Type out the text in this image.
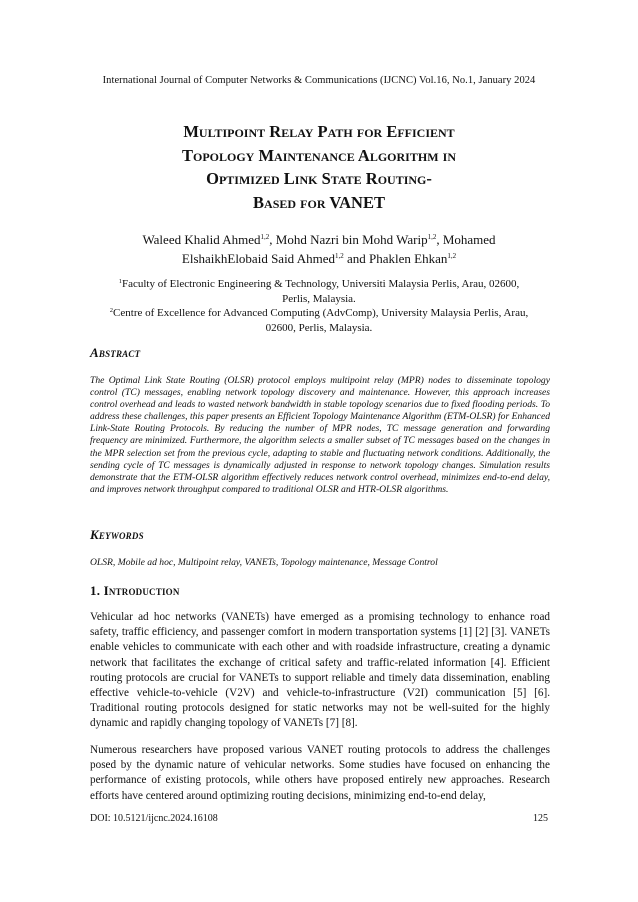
International Journal of Computer Networks & Communications (IJCNC) Vol.16, No.1, January 2024
Multipoint Relay Path for Efficient
Topology Maintenance Algorithm in
Optimized Link State Routing-
Based for VANET
Waleed Khalid Ahmed$^{1,2}$, Mohd Nazri bin Mohd Warip$^{1,2}$, Mohamed
ElshaikhElobaid Said Ahmed$^{1,2}$ and Phaklen Ehkan$^{1,2}$
$^1$Faculty of Electronic Engineering & Technology, Universiti Malaysia Perlis, Arau, 02600,
Perlis, Malaysia.
$^2$Centre of Excellence for Advanced Computing (AdvComp), University Malaysia Perlis, Arau,
02600, Perlis, Malaysia.
Abstract
The Optimal Link State Routing (OLSR) protocol employs multipoint relay (MPR) nodes to disseminate topology control (TC) messages, enabling network topology discovery and maintenance. However, this approach increases control overhead and leads to wasted network bandwidth in stable topology scenarios due to fixed flooding periods. To address these challenges, this paper presents an Efficient Topology Maintenance Algorithm (ETM-OLSR) for Enhanced Link-State Routing Protocols. By reducing the number of MPR nodes, TC message generation and forwarding frequency are minimized. Furthermore, the algorithm selects a smaller subset of TC messages based on the changes in the MPR selection set from the previous cycle, adapting to stable and fluctuating network conditions. Additionally, the sending cycle of TC messages is dynamically adjusted in response to network topology changes. Simulation results demonstrate that the ETM-OLSR algorithm effectively reduces network control overhead, minimizes end-to-end delay, and improves network throughput compared to traditional OLSR and HTR-OLSR algorithms.
Keywords
OLSR, Mobile ad hoc, Multipoint relay, VANETs, Topology maintenance, Message Control
1. Introduction
Vehicular ad hoc networks (VANETs) have emerged as a promising technology to enhance road safety, traffic efficiency, and passenger comfort in modern transportation systems [1] [2] [3]. VANETs enable vehicles to communicate with each other and with roadside infrastructure, creating a dynamic network that facilitates the exchange of critical safety and traffic-related information [4]. Efficient routing protocols are crucial for VANETs to support reliable and timely data dissemination, enabling effective vehicle-to-vehicle (V2V) and vehicle-to-infrastructure (V2I) communication [5] [6]. Traditional routing protocols designed for static networks may not be well-suited for the highly dynamic and rapidly changing topology of VANETs [7] [8].
Numerous researchers have proposed various VANET routing protocols to address the challenges posed by the dynamic nature of vehicular networks. Some studies have focused on enhancing the performance of existing protocols, while others have proposed entirely new approaches. Research efforts have centered around optimizing routing decisions, minimizing end-to-end delay,
DOI: 10.5121/ijcnc.2024.16108	125
